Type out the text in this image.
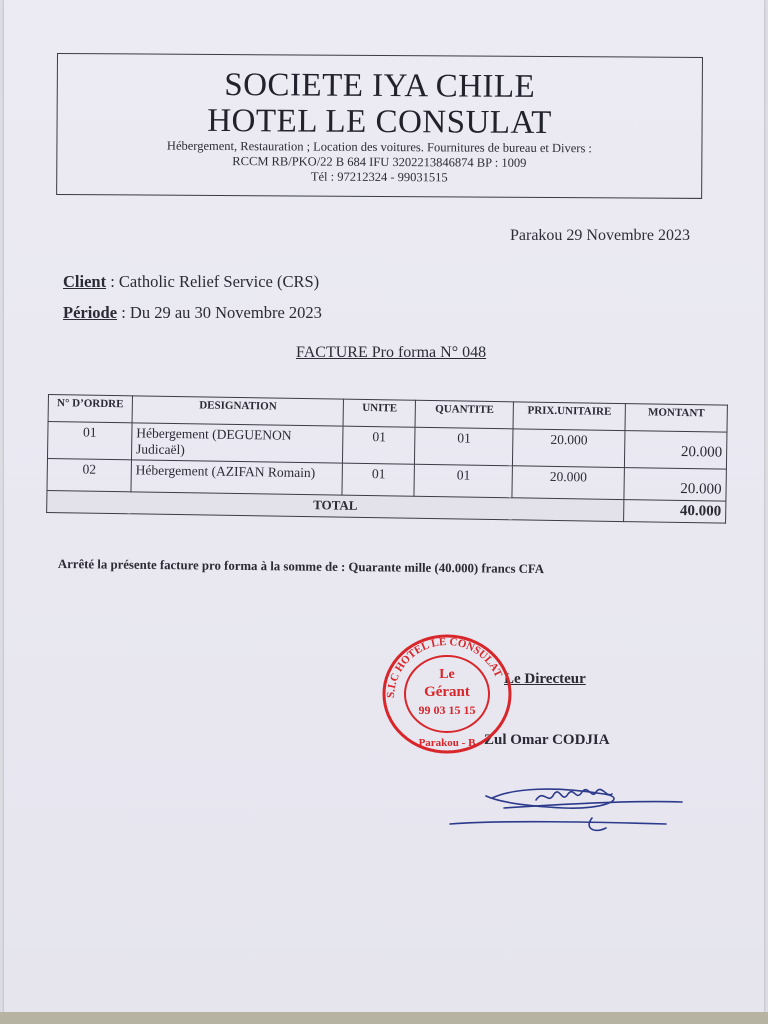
SOCIETE IYA CHILE
HOTEL LE CONSULAT
Hébergement, Restauration ; Location des voitures. Fournitures de bureau et Divers :
RCCM RB/PKO/22 B 684 IFU 3202213846874 BP : 1009
Tél : 97212324 - 99031515
Parakou 29 Novembre 2023
Client : Catholic Relief Service (CRS)
Période : Du 29 au 30 Novembre 2023
FACTURE Pro forma N° 048
N° D’ORDRE	DESIGNATION	UNITE	QUANTITE	PRIX.UNITAIRE	MONTANT
01	Hébergement (DEGUENON Judicaël)	01	01	20.000	20.000
02	Hébergement (AZIFAN Romain)	01	01	20.000	20.000
TOTAL					40.000
Arrêté la présente facture pro forma à la somme de : Quarante mille (40.000) francs CFA
Le Directeur
Zul Omar CODJIA
S.I.C HOTEL LE CONSULAT
Le
Gérant
99 03 15 15
Parakou - B
